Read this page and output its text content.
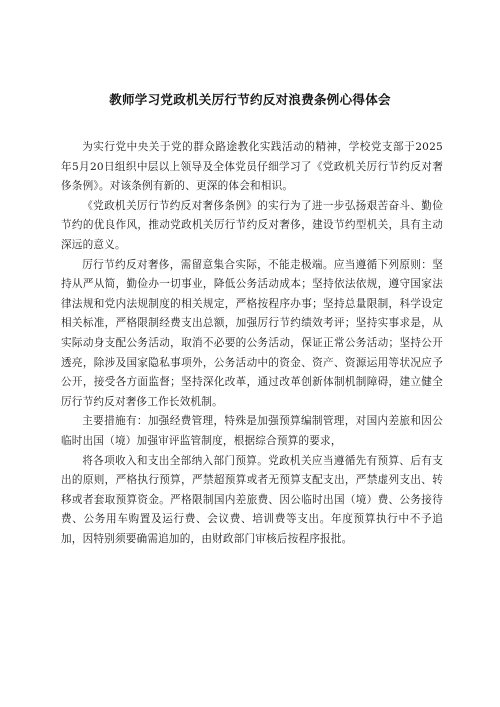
教师学习党政机关厉行节约反对浪费条例心得体会

为实行党中央关于党的群众路途教化实践活动的精神，学校党支部于2025年5月20日组织中层以上领导及全体党员仔细学习了《党政机关厉行节约反对奢侈条例》。对该条例有新的、更深的体会和相识。

《党政机关厉行节约反对奢侈条例》的实行为了进一步弘扬艰苦奋斗、勤俭节约的优良作风，推动党政机关厉行节约反对奢侈，建设节约型机关，具有主动深远的意义。

厉行节约反对奢侈，需留意集合实际，不能走极端。应当遵循下列原则：坚持从严从简，勤俭办一切事业，降低公务活动成本；坚持依法依规，遵守国家法律法规和党内法规制度的相关规定，严格按程序办事；坚持总量限制，科学设定相关标准，严格限制经费支出总额，加强厉行节约绩效考评；坚持实事求是，从实际动身支配公务活动，取消不必要的公务活动，保证正常公务活动；坚持公开透亮，除涉及国家隐私事项外，公务活动中的资金、资产、资源运用等状况应予公开，接受各方面监督；坚持深化改革，通过改革创新体制机制障碍，建立健全厉行节约反对奢侈工作长效机制。

主要措施有：加强经费管理，特殊是加强预算编制管理，对国内差旅和因公临时出国（境）加强审评监管制度，根据综合预算的要求，

将各项收入和支出全部纳入部门预算。党政机关应当遵循先有预算、后有支出的原则，严格执行预算，严禁超预算或者无预算支配支出，严禁虚列支出、转移或者套取预算资金。严格限制国内差旅费、因公临时出国（境）费、公务接待费、公务用车购置及运行费、会议费、培训费等支出。年度预算执行中不予追加，因特别须要确需追加的，由财政部门审核后按程序报批。
